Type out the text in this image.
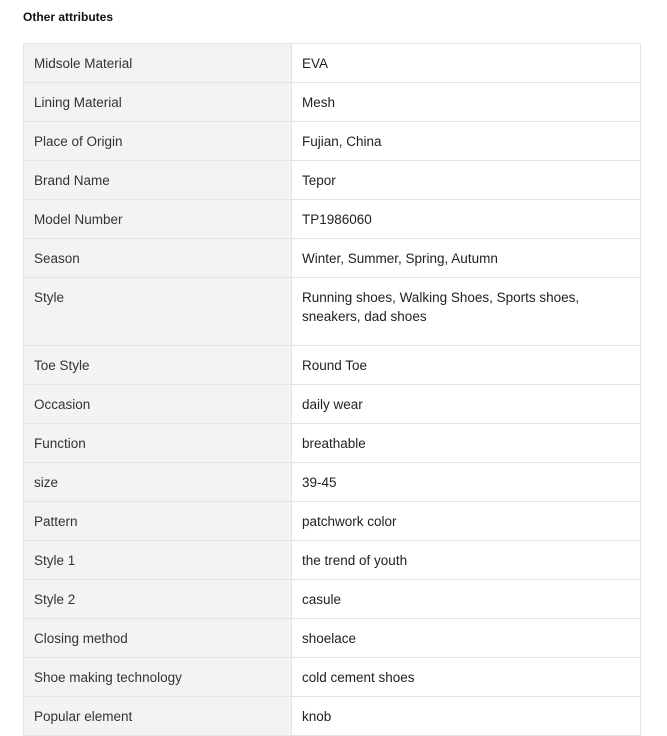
Other attributes
Midsole Material	EVA
Lining Material	Mesh
Place of Origin	Fujian, China
Brand Name	Tepor
Model Number	TP1986060
Season	Winter, Summer, Spring, Autumn
Style	Running shoes, Walking Shoes, Sports shoes, sneakers, dad shoes
Toe Style	Round Toe
Occasion	daily wear
Function	breathable
size	39-45
Pattern	patchwork color
Style 1	the trend of youth
Style 2	casule
Closing method	shoelace
Shoe making technology	cold cement shoes
Popular element	knob
